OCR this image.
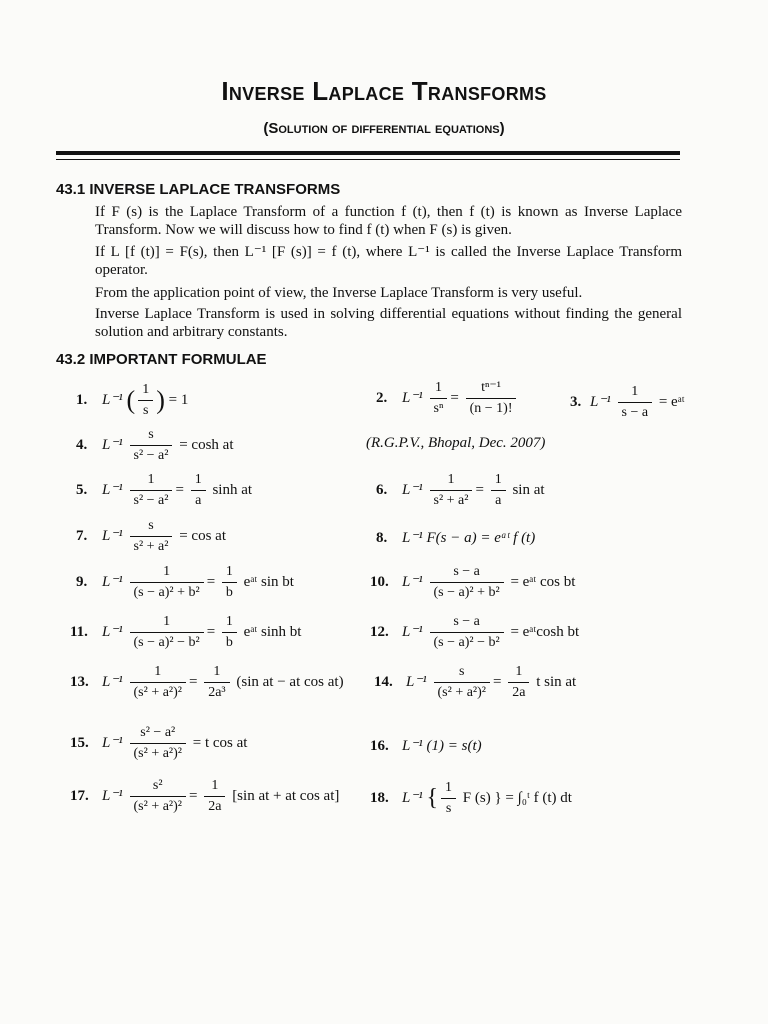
Inverse Laplace Transforms
(Solution of differential equations)
43.1 INVERSE LAPLACE TRANSFORMS
If F (s) is the Laplace Transform of a function f (t), then f (t) is known as Inverse Laplace Transform. Now we will discuss how to find f (t) when F (s) is given.
If L [f (t)] = F(s), then L⁻¹ [F (s)] = f (t), where L⁻¹ is called the Inverse Laplace Transform operator.
From the application point of view, the Inverse Laplace Transform is very useful.
Inverse Laplace Transform is used in solving differential equations without finding the general solution and arbitrary constants.
43.2 IMPORTANT FORMULAE
1. L⁻¹ ( $\frac{1}{s}$ ) = 1	2. $L^{-1} \frac{1}{\text{sⁿ}} = \frac{\text{tⁿ⁻¹}}{(n - 1)!}$	3. $L^{-1} \frac{1}{s - a}$ = eᵃᵗ
4. $L^{-1} \frac{s}{\text{s² − a²}} = \cosh$ at	(R.G.P.V., Bhopal, Dec. 2007)
5. $L^{-1} \frac{1}{\text{s² − a²}} = \frac{1}{a}$ sinh at	6. $L^{-1} \frac{1}{\text{s² + a²}} = \frac{1}{a}$ sin at
7. $L^{-1} \frac{s}{\text{s² + a²}} = \cos$ at	8. L⁻¹ F(s − a) = eᵃᵗ f (t)
9. $L^{-1} \frac{1}{\text{(s − a)² + b²}} = \frac{1}{b}$ eᵃᵗ sin bt	10. $L^{-1} \frac{s - a}{\text{(s − a)² + b²}}$ = eᵃᵗ cos bt
11. $L^{-1} \frac{1}{\text{(s − a)² − b²}} = \frac{1}{b}$ eᵃᵗ sinh bt	12. $L^{-1} \frac{s - a}{\text{(s − a)² − b²}}$ = eᵃᵗcosh bt
13. $L^{-1} \frac{1}{\text{(s² + a²)²}} = \frac{1}{\text{2a³}} (\sin$ at − at cos at) 14. $L^{-1} \frac{s}{\text{(s² + a²)²}} = \frac{1}{2a}$ t sin at
15. $L^{-1} \frac{\text{s² − a²}}{\text{(s² + a²)²}} = t$ cos at	16. L⁻¹ (1) = s(t)
17. $L^{-1} \frac{\text{s²}}{\text{(s² + a²)²}} = \frac{1}{2a} [\sin$ at + at cos at] 18. L⁻¹ { $\frac{1}{s}$ F (s) } = ∫₀ᵗ f (t) dt
